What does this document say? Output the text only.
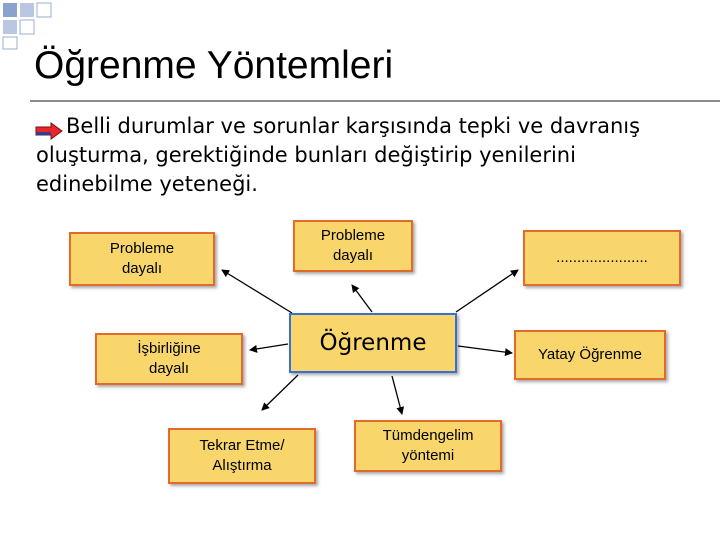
Öğrenme Yöntemleri
Belli durumlar ve sorunlar karşısında tepki ve davranış oluşturma, gerektiğinde bunları değiştirip yenilerini edinebilme yeteneği.
Probleme
dayalı
Probleme
dayalı	......................
Öğrenme
İşbirliğine
dayalı
Yatay Öğrenme
Tekrar Etme/
Alıştırma
Tümdengelim
yöntemi
